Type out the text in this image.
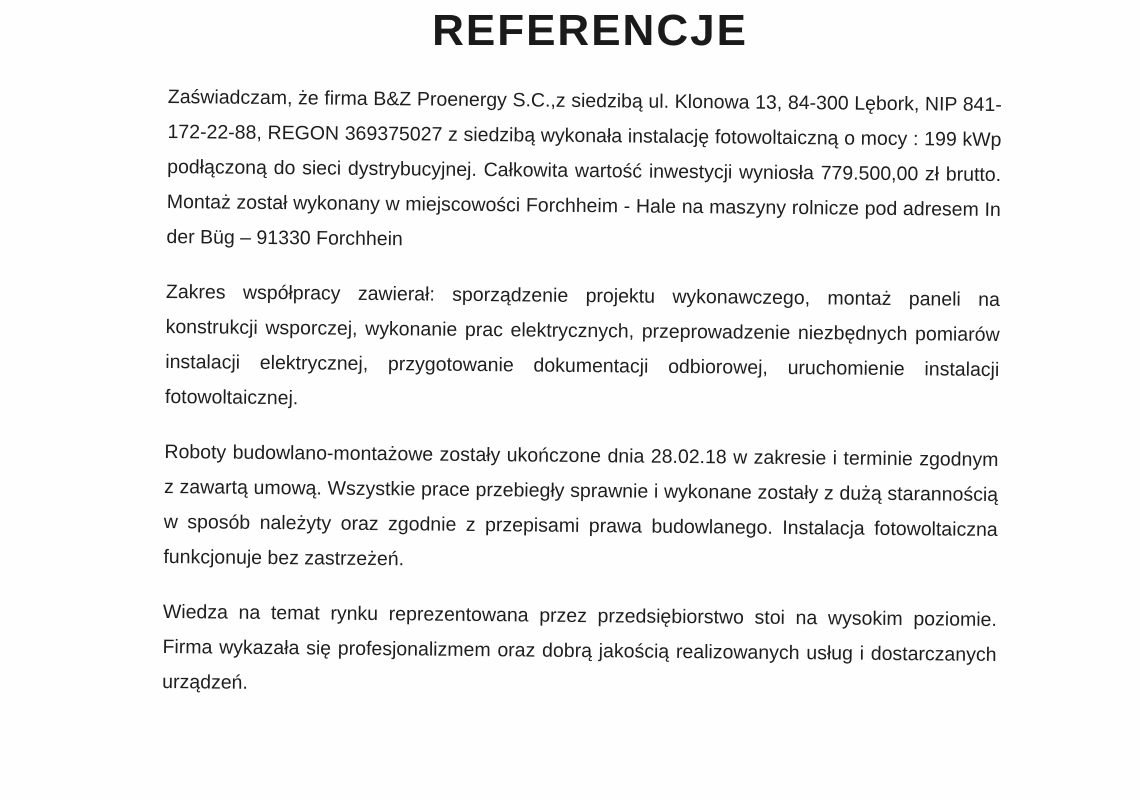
REFERENCJE

Zaświadczam, że firma B&Z Proenergy S.C.,z siedzibą ul. Klonowa 13, 84-300 Lębork, NIP 841-172-22-88, REGON 369375027 z siedzibą wykonała instalację fotowoltaiczną o mocy : 199 kWp podłączoną do sieci dystrybucyjnej. Całkowita wartość inwestycji wyniosła 779.500,00 zł brutto. Montaż został wykonany w miejscowości Forchheim - Hale na maszyny rolnicze pod adresem In der Büg – 91330 Forchhein

Zakres współpracy zawierał: sporządzenie projektu wykonawczego, montaż paneli na konstrukcji wsporczej, wykonanie prac elektrycznych, przeprowadzenie niezbędnych pomiarów instalacji elektrycznej, przygotowanie dokumentacji odbiorowej, uruchomienie instalacji fotowoltaicznej.

Roboty budowlano-montażowe zostały ukończone dnia 28.02.18 w zakresie i terminie zgodnym z zawartą umową. Wszystkie prace przebiegły sprawnie i wykonane zostały z dużą starannością w sposób należyty oraz zgodnie z przepisami prawa budowlanego. Instalacja fotowoltaiczna funkcjonuje bez zastrzeżeń.

Wiedza na temat rynku reprezentowana przez przedsiębiorstwo stoi na wysokim poziomie. Firma wykazała się profesjonalizmem oraz dobrą jakością realizowanych usług i dostarczanych urządzeń.
